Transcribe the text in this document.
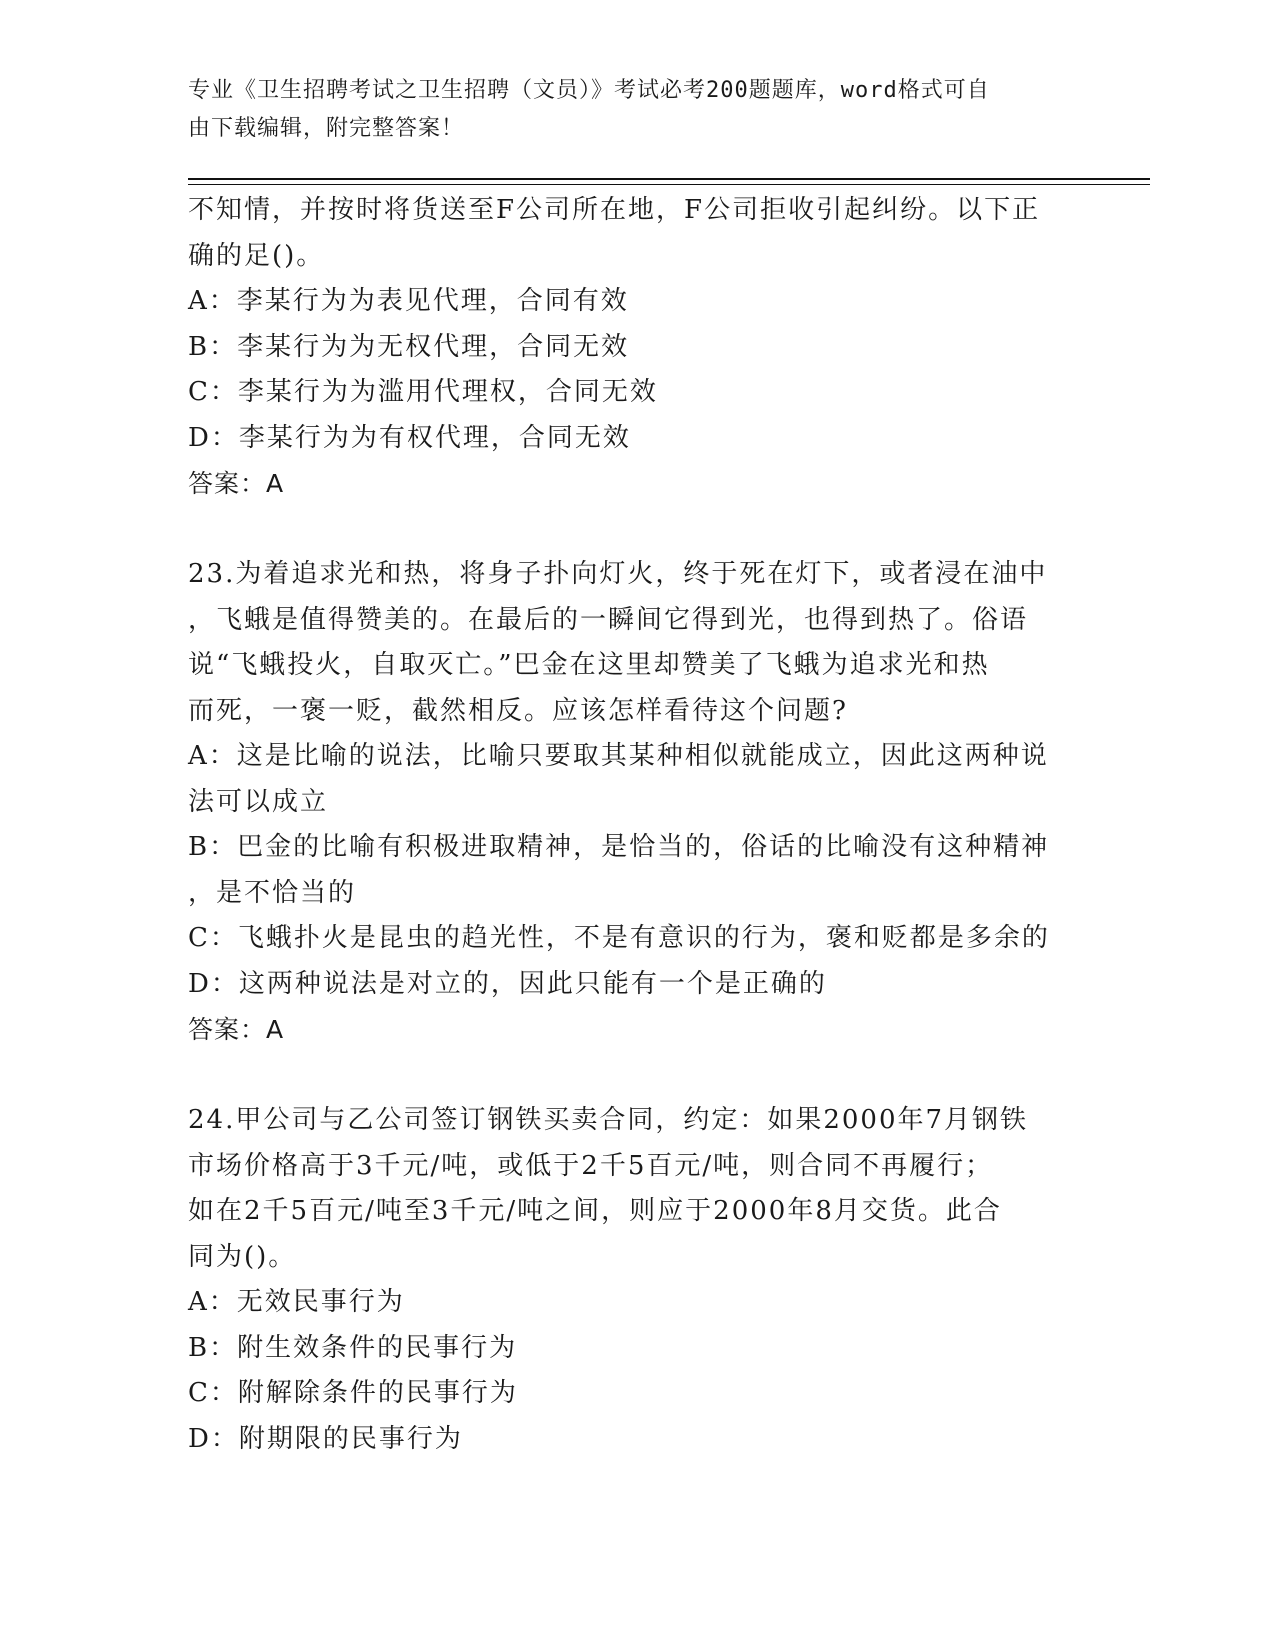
专业《卫生招聘考试之卫生招聘（文员）》考试必考200题题库，word格式可自
由下载编辑，附完整答案！
不知情，并按时将货送至F公司所在地，F公司拒收引起纠纷。以下正
确的足()。
A：李某行为为表见代理，合同有效
B：李某行为为无权代理，合同无效
C：李某行为为滥用代理权，合同无效
D：李某行为为有权代理，合同无效
答案：A
23.为着追求光和热，将身子扑向灯火，终于死在灯下，或者浸在油中
，飞蛾是值得赞美的。在最后的一瞬间它得到光，也得到热了。俗语
说“飞蛾投火，自取灭亡。”巴金在这里却赞美了飞蛾为追求光和热
而死，一褒一贬，截然相反。应该怎样看待这个问题?
A：这是比喻的说法，比喻只要取其某种相似就能成立，因此这两种说
法可以成立
B：巴金的比喻有积极进取精神，是恰当的，俗话的比喻没有这种精神
，是不恰当的
C：飞蛾扑火是昆虫的趋光性，不是有意识的行为，褒和贬都是多余的
D：这两种说法是对立的，因此只能有一个是正确的
答案：A
24.甲公司与乙公司签订钢铁买卖合同，约定：如果2000年7月钢铁
市场价格高于3千元/吨，或低于2千5百元/吨，则合同不再履行；
如在2千5百元/吨至3千元/吨之间，则应于2000年8月交货。此合
同为()。
A：无效民事行为
B：附生效条件的民事行为
C：附解除条件的民事行为
D：附期限的民事行为
